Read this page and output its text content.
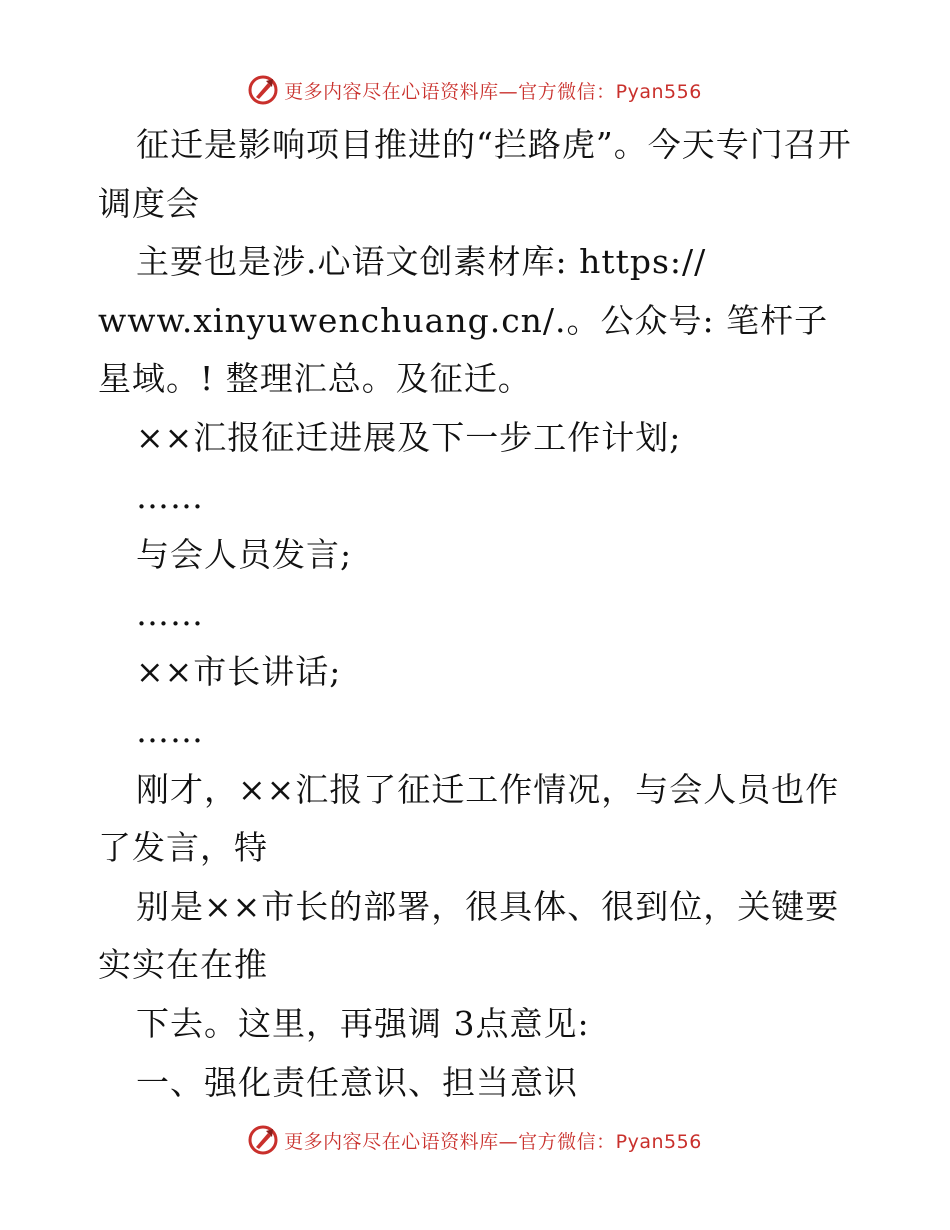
更多内容尽在心语资料库—官方微信：Pyan556

征迁是影响项目推进的“拦路虎”。今天专门召开调度会

主要也是涉.心语文创素材库: https://

www.xinyuwenchuang.cn/.。公众号: 笔杆子星域。! 整理汇总。及征迁。

××汇报征迁进展及下一步工作计划;

……

与会人员发言;

……

××市长讲话;

……

刚才，××汇报了征迁工作情况，与会人员也作了发言，特

别是××市长的部署，很具体、很到位，关键要实实在在推

下去。这里，再强调 3点意见:

一、强化责任意识、担当意识

更多内容尽在心语资料库—官方微信：Pyan556
